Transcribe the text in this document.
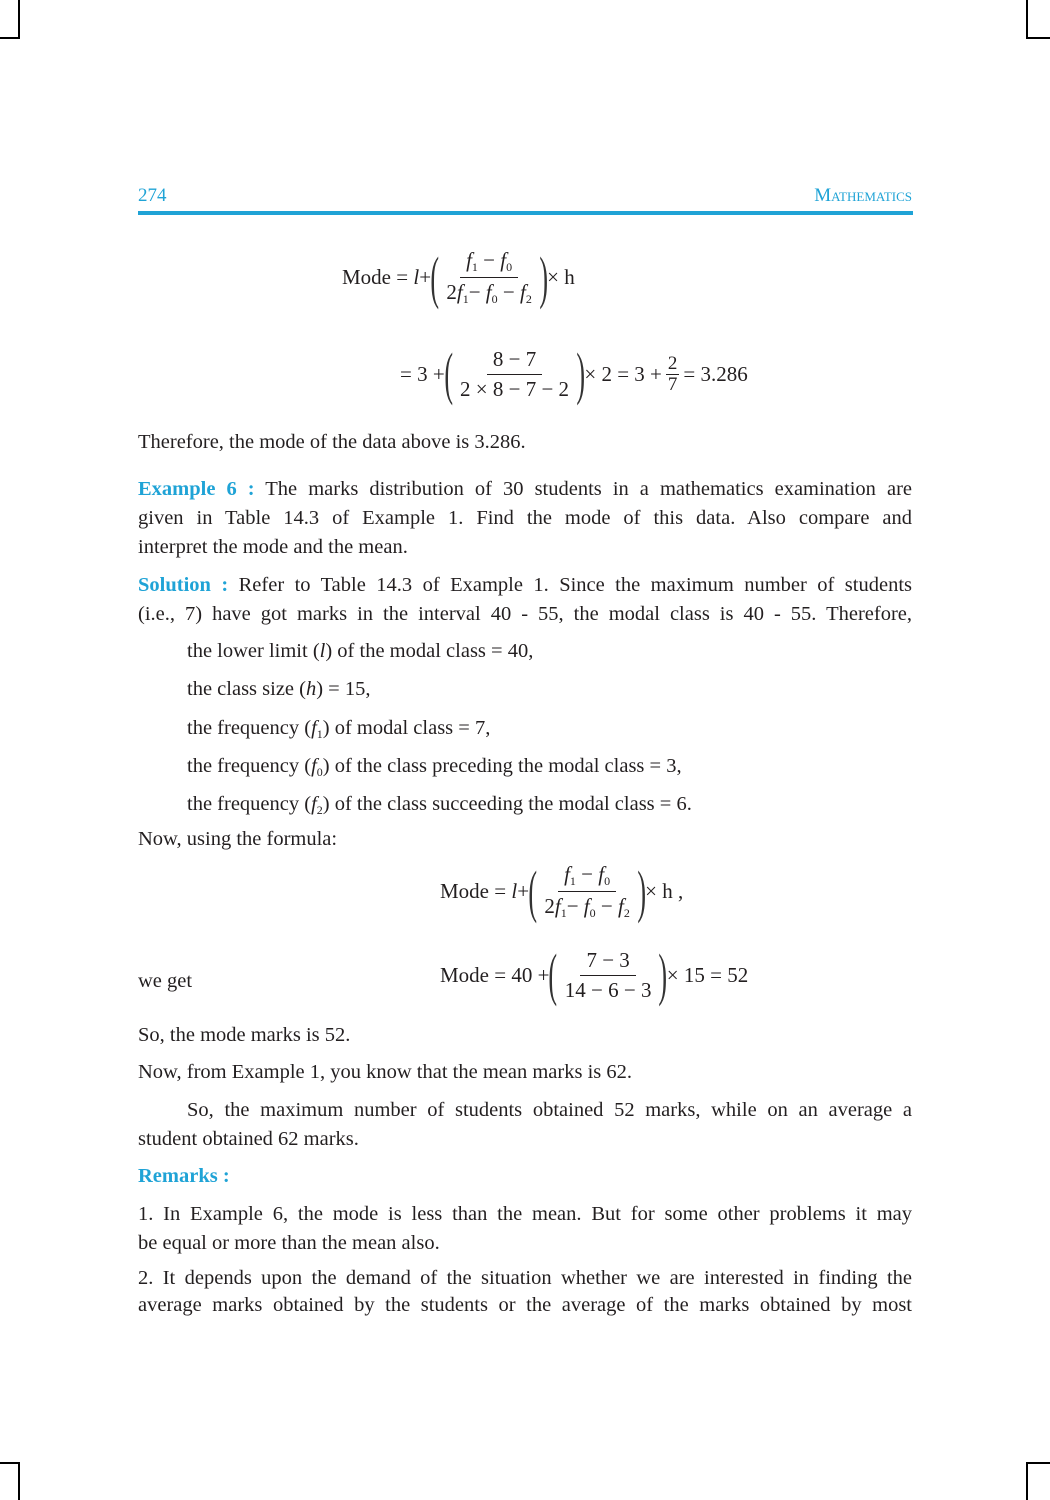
274	Mathematics
Mode =
l + ( $\frac{f_1 - f_0}{2f_1- f_0 - f_2}$ ) × h
=
3 + ( $\frac{8 - 7}{2 \times 8 - 7 - 2}$ ) × $2 = 3 + \frac{2}{7} = 3.286$
Therefore, the mode of the data above is 3.286.
Example 6 : The marks distribution of 30 students in a mathematics examination are
given in Table 14.3 of Example 1. Find the mode of this data. Also compare and
interpret the mode and the mean.
Solution : Refer to Table 14.3 of Example 1. Since the maximum number of students
(i.e., 7) have got marks in the interval 40 - 55, the modal class is 40 - 55. Therefore,
the lower limit (l) of the modal class = 40,
the class size (h) = 15,
the frequency $(f_1)$ of modal class = 7,
the frequency $(f_0)$ of the class preceding the modal class = 3,
the frequency $(f_2)$ of the class succeeding the modal class = 6.
Now, using the formula:
Mode =
l + ( $\frac{f_1 - f_0}{2f_1- f_0 - f_2}$ ) × h ,
we get	Mode =
40 + ( $\frac{7 - 3}{14 - 6 - 3}$ ) × 15
= 52
So, the mode marks is 52.
Now, from Example 1, you know that the mean marks is 62.
So, the maximum number of students obtained 52 marks, while on an average a
student obtained 62 marks.
Remarks :
1. In Example 6, the mode is less than the mean. But for some other problems it may
be equal or more than the mean also.
2. It depends upon the demand of the situation whether we are interested in finding the
average marks obtained by the students or the average of the marks obtained by most
